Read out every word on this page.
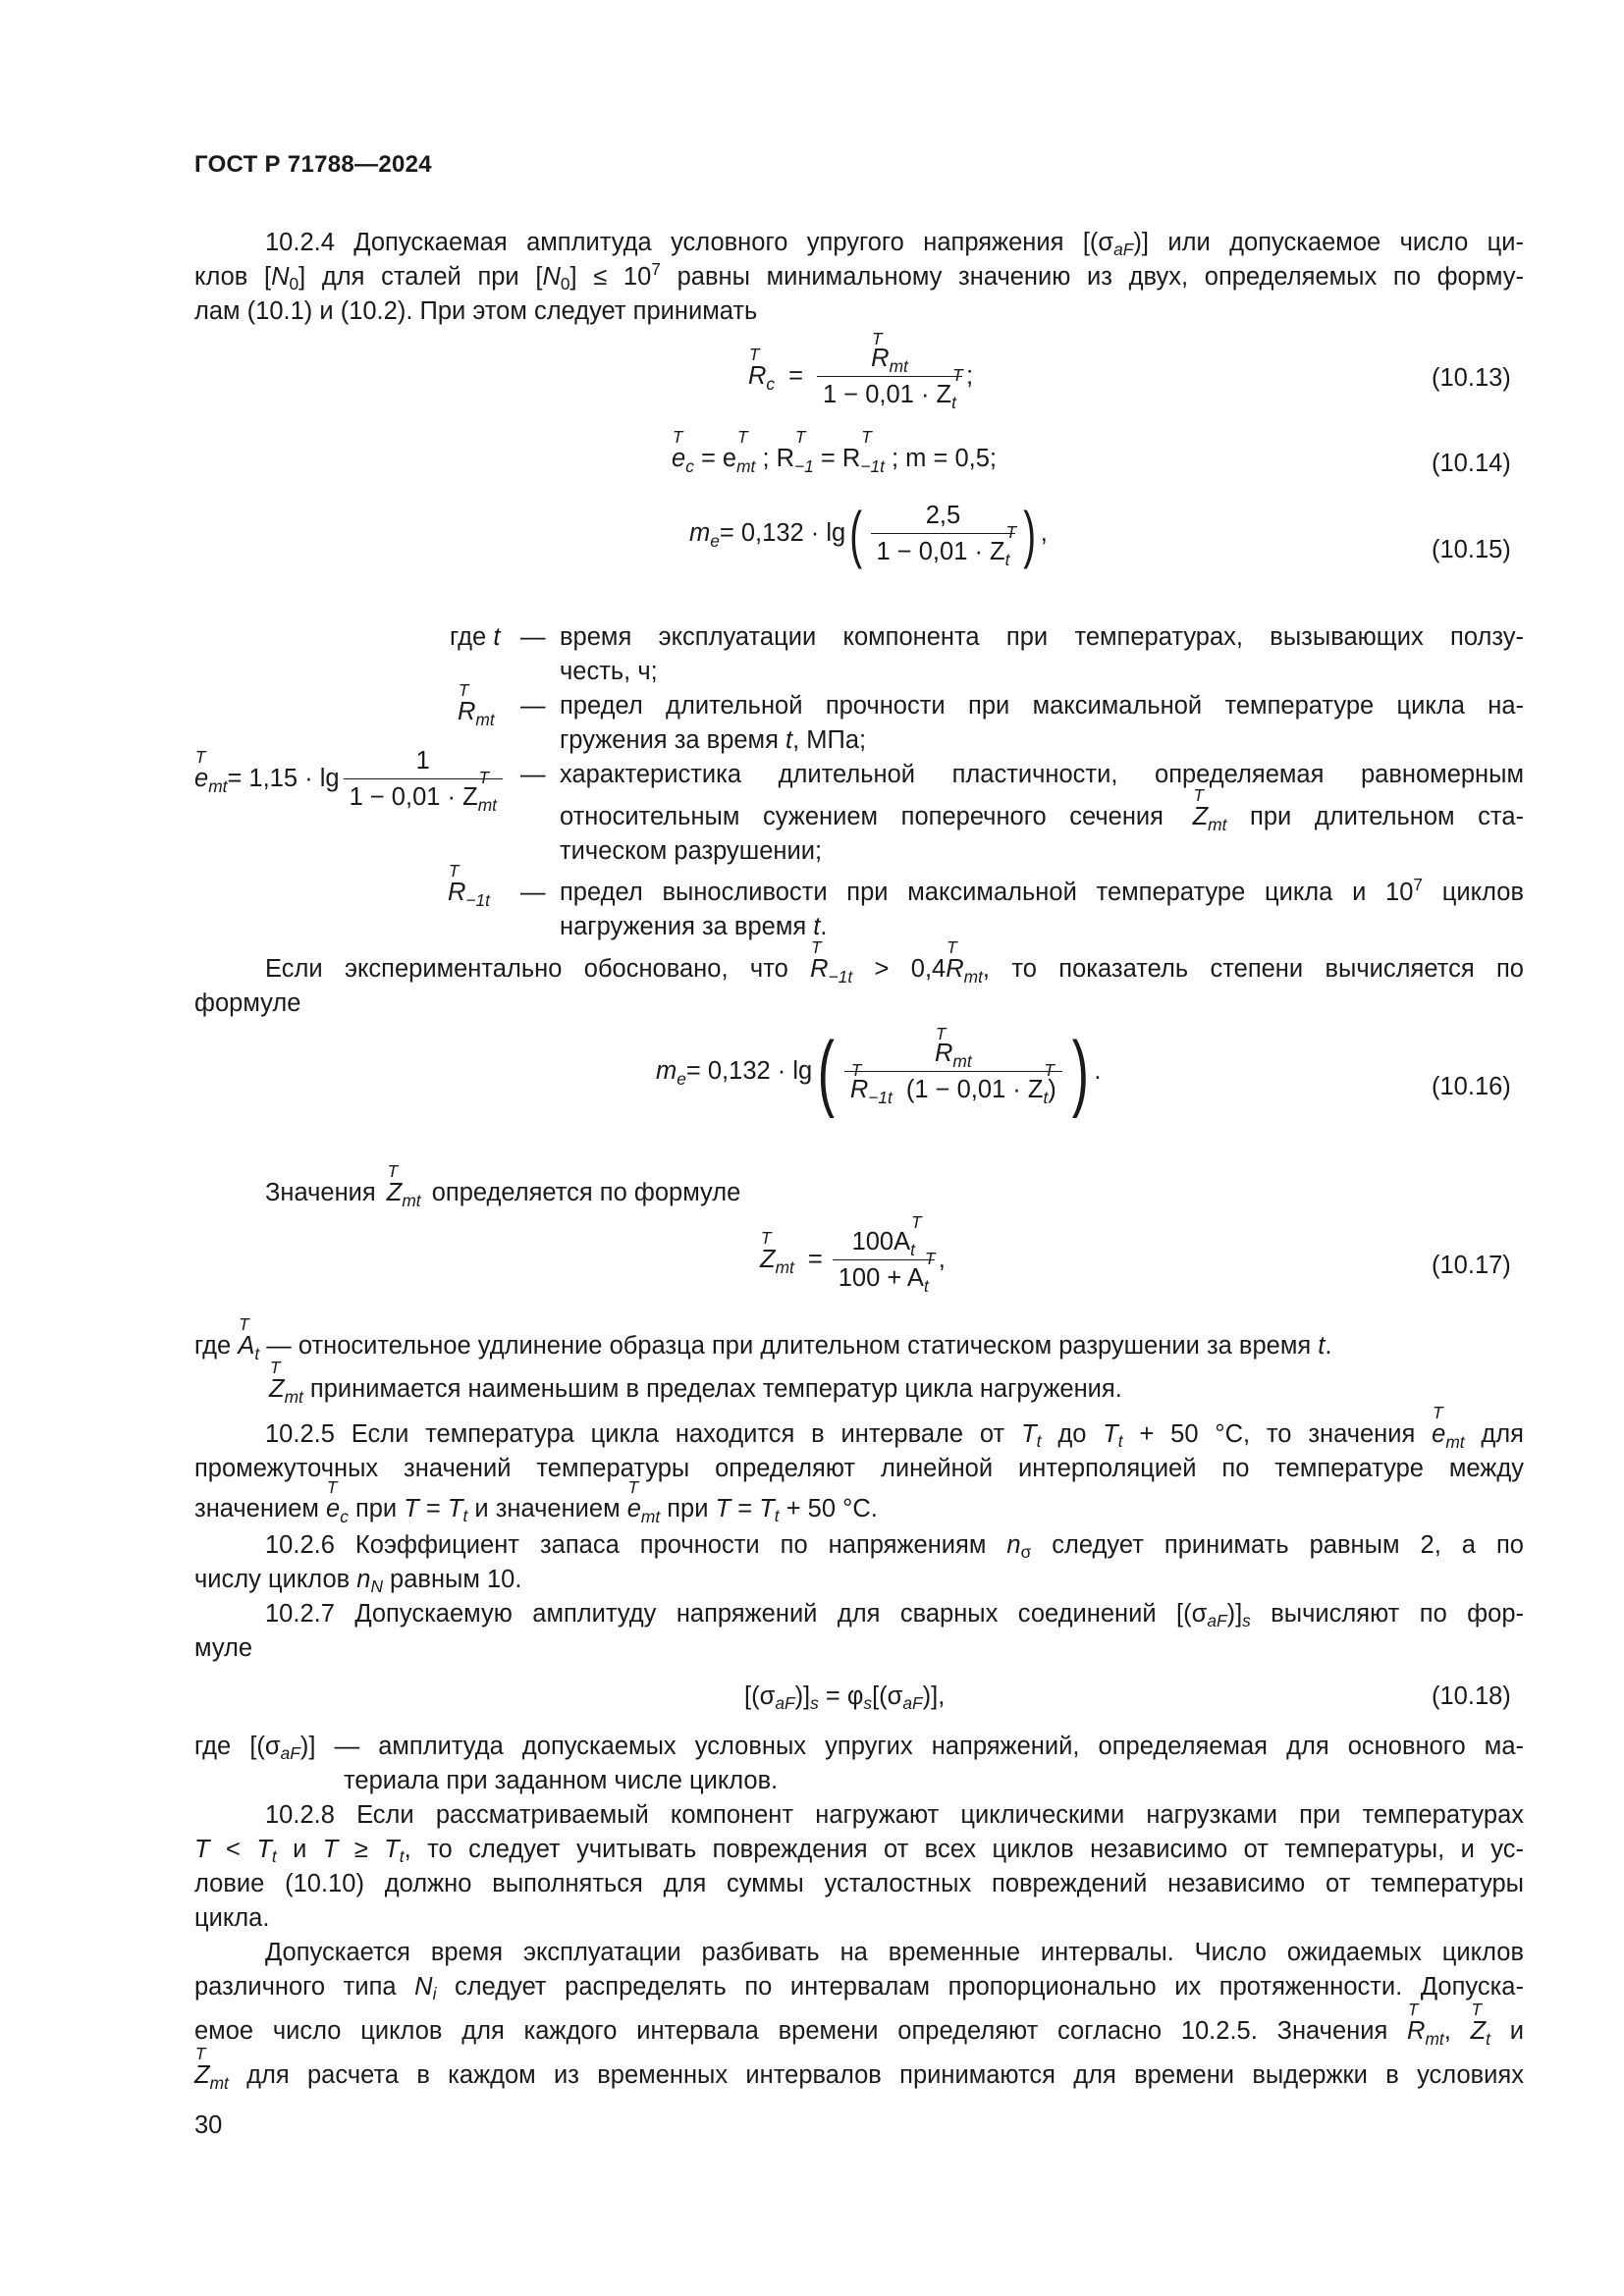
ГОСТ Р 71788—2024
10.2.4 Допускаемая амплитуда условного упругого напряжения $[(\sigma_{aF})]$ или допускаемое число ци-
клов $[N_0]$ для сталей при $[N_0] \le 10^7$ равны минимальному значению из двух, определяемых по форму-
лам (10.1) и (10.2). При этом следует принимать
R
T
$_c$ = R
T
$_{mt}$
1 − 0,01 · Z
T
$_t$ ;	(10.13)
e
T
$_c$ = e
T
$_{mt}$ ; R
T
$_{-1}$ = R
T
$_{-1t}$ ; m = 0,5;	(10.14)
$m_e = 0,132 \cdot \lg$ ( 2,5
1 − 0,01 · Z
T
$_t$ ) ,
(10.15)
где t — время эксплуатации компонента при температурах, вызывающих ползу-
честь, ч;
R
T
$_{mt}$
— предел длительной прочности при максимальной температуре цикла на-
гружения за время t, МПа;
e
T
$_{mt}$ = 1,15 · lg 1
1 − 0,01 · Z
T
$_{mt}$ — характеристика длительной пластичности, определяемая равномерным
относительным сужением поперечного сечения Z
T
$_{mt}$ при длительном ста-
тическом разрушении;
R
T
$_{-1t}$ — предел выносливости при максимальной температуре цикла и $10^7$ циклов
нагружения за время t.
Если экспериментально обосновано, что R
T
$_{-1t}$ > 0,4R
T
$_{mt}$, то показатель степени вычисляется по
формуле
$m_e = 0,132 \cdot \lg$ ( R
T
$_{mt}$
R
T
$_{-1t}$ (1 − 0,01 · Z
T
$_t$) ) .
(10.16)
Значения Z
T
$_{mt}$ определяется по формуле
Z
T
$_{mt}$ = 100A
T
$_t$
100 + A
T
$_t$ ,	(10.17)
где A
T
$_t$ — относительное удлинение образца при длительном статическом разрушении за время t.
Z
T
$_{mt}$ принимается наименьшим в пределах температур цикла нагружения.
10.2.5 Если температура цикла находится в интервале от $T_t$ до $T_t + 50$ °C, то значения e
T
$_{mt}$ для
промежуточных значений температуры определяют линейной интерполяцией по температуре между
значением e
T
$_c$ при $T = T_t$ и значением e
T
$_{mt}$ при $T = T_t + 50$ °C.
10.2.6 Коэффициент запаса прочности по напряжениям $n_\sigma$ следует принимать равным 2, а по
числу циклов $n_N$ равным 10.
10.2.7 Допускаемую амплитуду напряжений для сварных соединений $[(\sigma_{aF})]_s$ вычисляют по фор-
муле
$[(\sigma_{aF})]_s = \varphi_s[(\sigma_{aF})]$,	(10.18)
где $[(\sigma_{aF})]$ — амплитуда допускаемых условных упругих напряжений, определяемая для основного ма-
териала при заданном числе циклов.
10.2.8 Если рассматриваемый компонент нагружают циклическими нагрузками при температурах
$T < T_t$ и $T \ge T_t$, то следует учитывать повреждения от всех циклов независимо от температуры, и ус-
ловие (10.10) должно выполняться для суммы усталостных повреждений независимо от температуры
цикла.
Допускается время эксплуатации разбивать на временные интервалы. Число ожидаемых циклов
различного типа $N_i$ следует распределять по интервалам пропорционально их протяженности. Допуска-
емое число циклов для каждого интервала времени определяют согласно 10.2.5. Значения R
T
$_{mt}$, Z
T
$_t$ и
Z
T
$_{mt}$ для расчета в каждом из временных интервалов принимаются для времени выдержки в условиях
30
